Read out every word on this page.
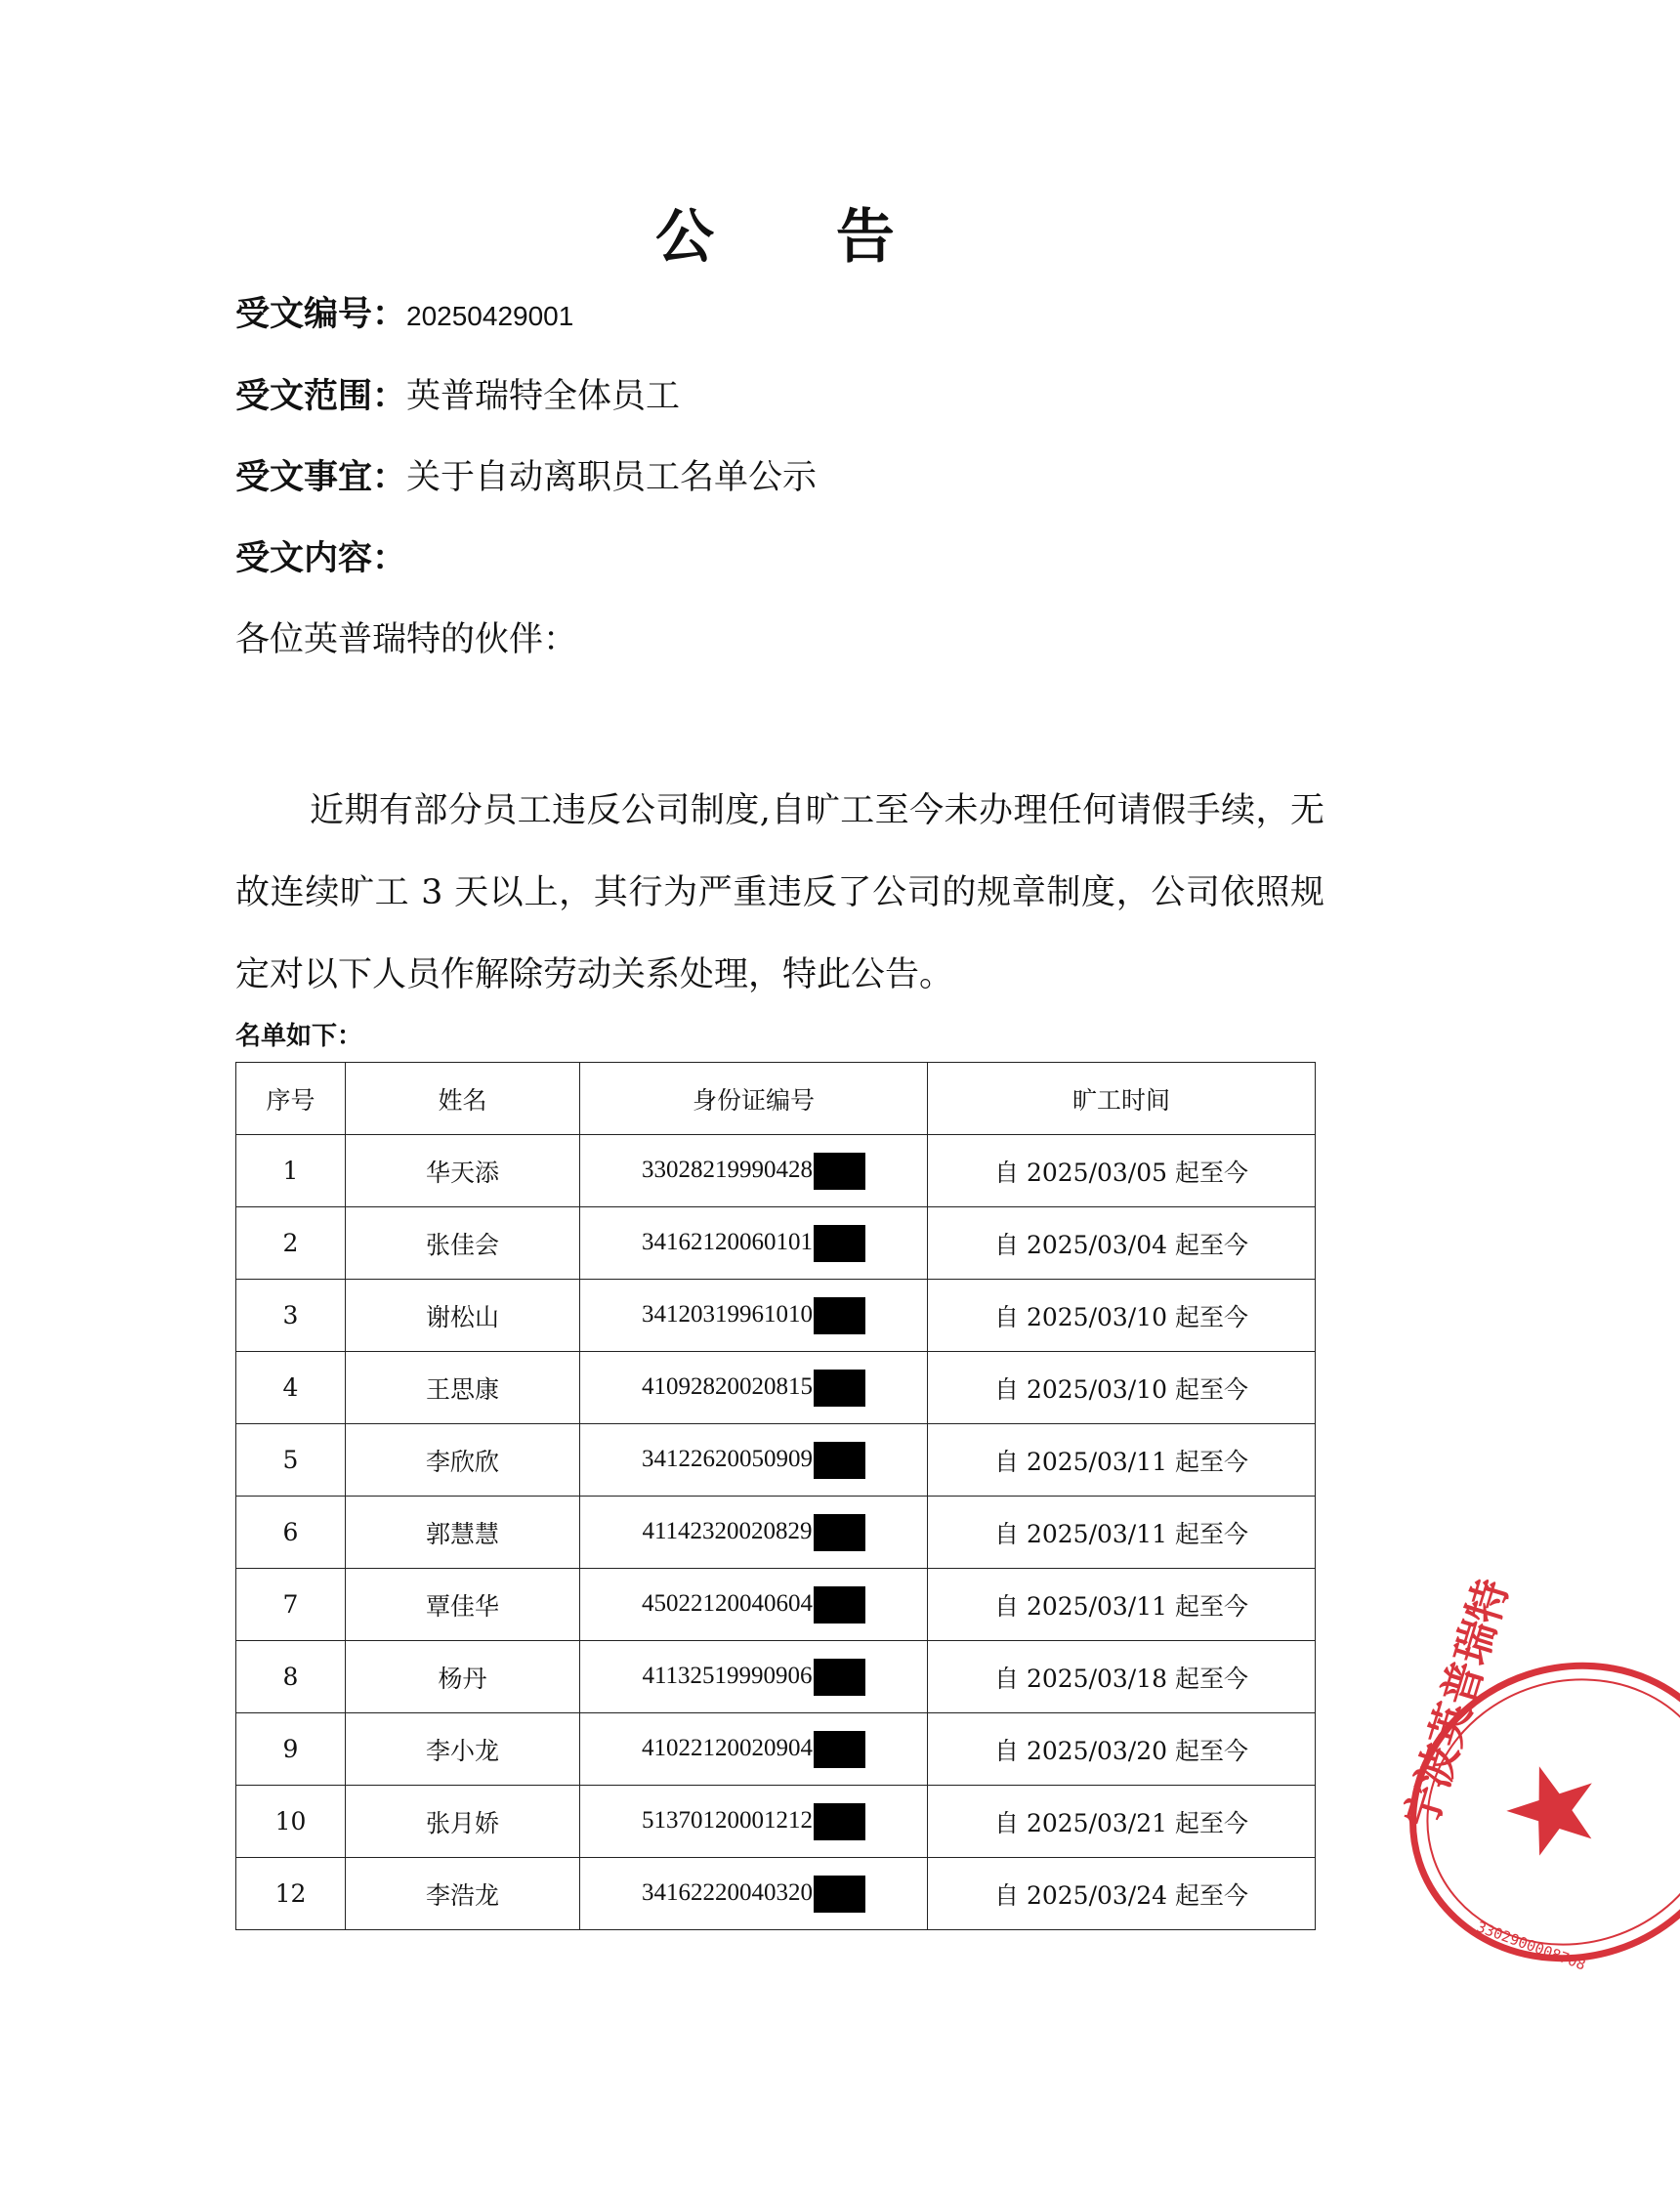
公 告
受文编号：20250429001
受文范围：英普瑞特全体员工
受文事宜：关于自动离职员工名单公示
受文内容：
各位英普瑞特的伙伴：
近期有部分员工违反公司制度,自旷工至今未办理任何请假手续，无故连续旷工 3 天以上，其行为严重违反了公司的规章制度，公司依照规定对以下人员作解除劳动关系处理，特此公告。
名单如下：
序号	姓名	身份证编号	旷工时间
1	华天添	33028219990428	自 2025/03/05 起至今
2	张佳会	34162120060101	自 2025/03/04 起至今
3	谢松山	34120319961010	自 2025/03/10 起至今
4	王思康	41092820020815	自 2025/03/10 起至今
5	李欣欣	34122620050909	自 2025/03/11 起至今
6	郭慧慧	41142320020829	自 2025/03/11 起至今
7	覃佳华	45022120040604	自 2025/03/11 起至今
8	杨丹	41132519990906	自 2025/03/18 起至今
9	李小龙	41022120020904	自 2025/03/20 起至今
10	张月娇	51370120001212	自 2025/03/21 起至今
12	李浩龙	34162220040320	自 2025/03/24 起至今
宁波英普瑞特
3302900008708
